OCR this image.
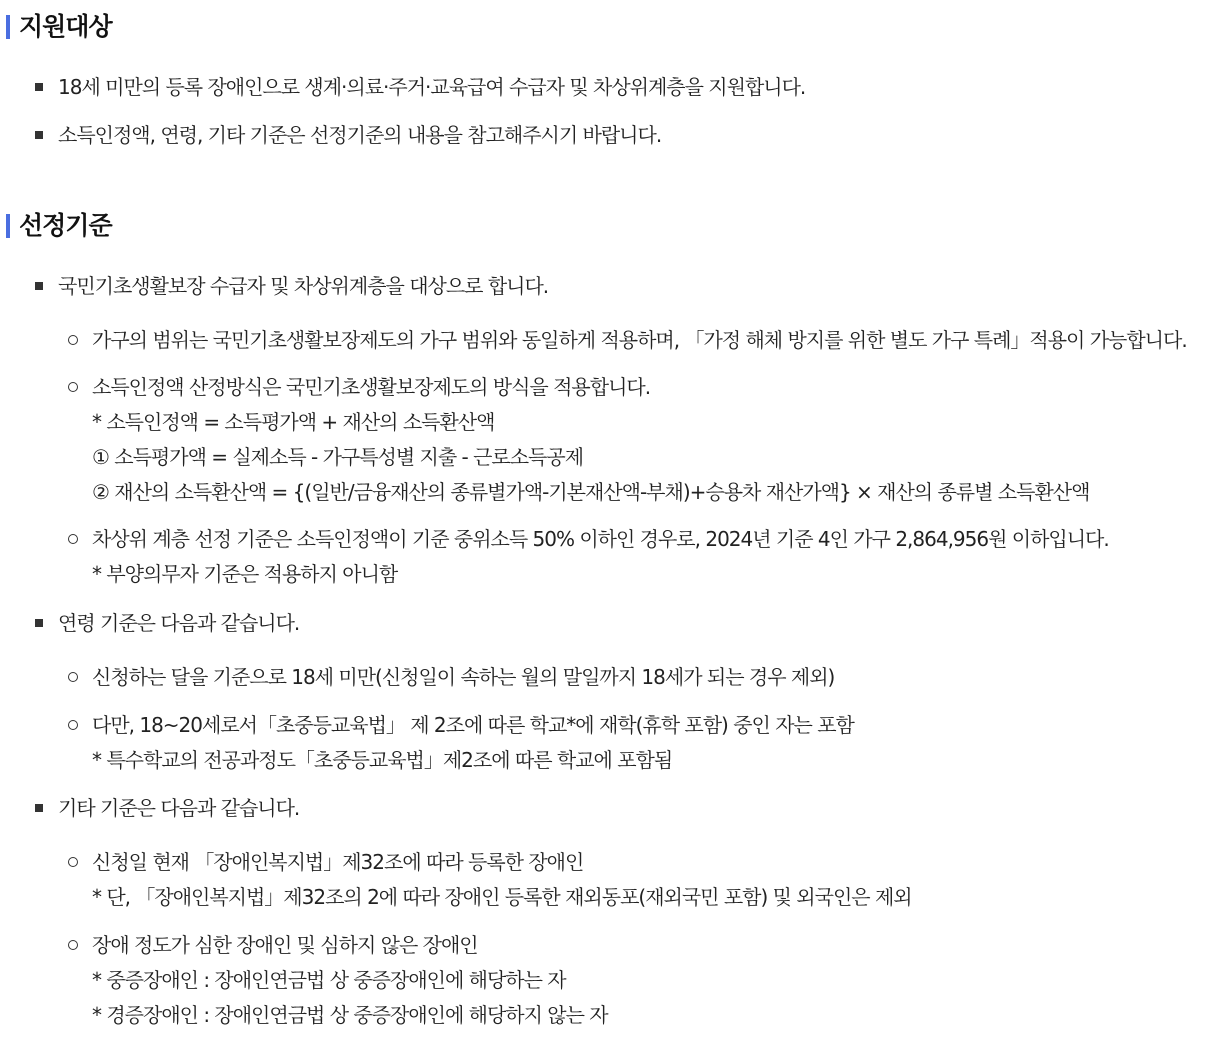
지원대상
18세 미만의 등록 장애인으로 생계·의료·주거·교육급여 수급자 및 차상위계층을 지원합니다.
소득인정액, 연령, 기타 기준은 선정기준의 내용을 참고해주시기 바랍니다.
선정기준
국민기초생활보장 수급자 및 차상위계층을 대상으로 합니다.
가구의 범위는 국민기초생활보장제도의 가구 범위와 동일하게 적용하며, 「가정 해체 방지를 위한 별도 가구 특례」적용이 가능합니다.
소득인정액 산정방식은 국민기초생활보장제도의 방식을 적용합니다.
* 소득인정액 = 소득평가액 + 재산의 소득환산액
① 소득평가액 = 실제소득 - 가구특성별 지출 - 근로소득공제
② 재산의 소득환산액 = {(일반/금융재산의 종류별가액-기본재산액-부채)+승용차 재산가액} × 재산의 종류별 소득환산액
차상위 계층 선정 기준은 소득인정액이 기준 중위소득 50% 이하인 경우로, 2024년 기준 4인 가구 2,864,956원 이하입니다.
* 부양의무자 기준은 적용하지 아니함
연령 기준은 다음과 같습니다.
신청하는 달을 기준으로 18세 미만(신청일이 속하는 월의 말일까지 18세가 되는 경우 제외)
다만, 18~20세로서「초중등교육법」 제 2조에 따른 학교*에 재학(휴학 포함) 중인 자는 포함
* 특수학교의 전공과정도「초중등교육법」제2조에 따른 학교에 포함됨
기타 기준은 다음과 같습니다.
신청일 현재 「장애인복지법」제32조에 따라 등록한 장애인
* 단, 「장애인복지법」제32조의 2에 따라 장애인 등록한 재외동포(재외국민 포함) 및 외국인은 제외
장애 정도가 심한 장애인 및 심하지 않은 장애인
* 중증장애인 : 장애인연금법 상 중증장애인에 해당하는 자
* 경증장애인 : 장애인연금법 상 중증장애인에 해당하지 않는 자
